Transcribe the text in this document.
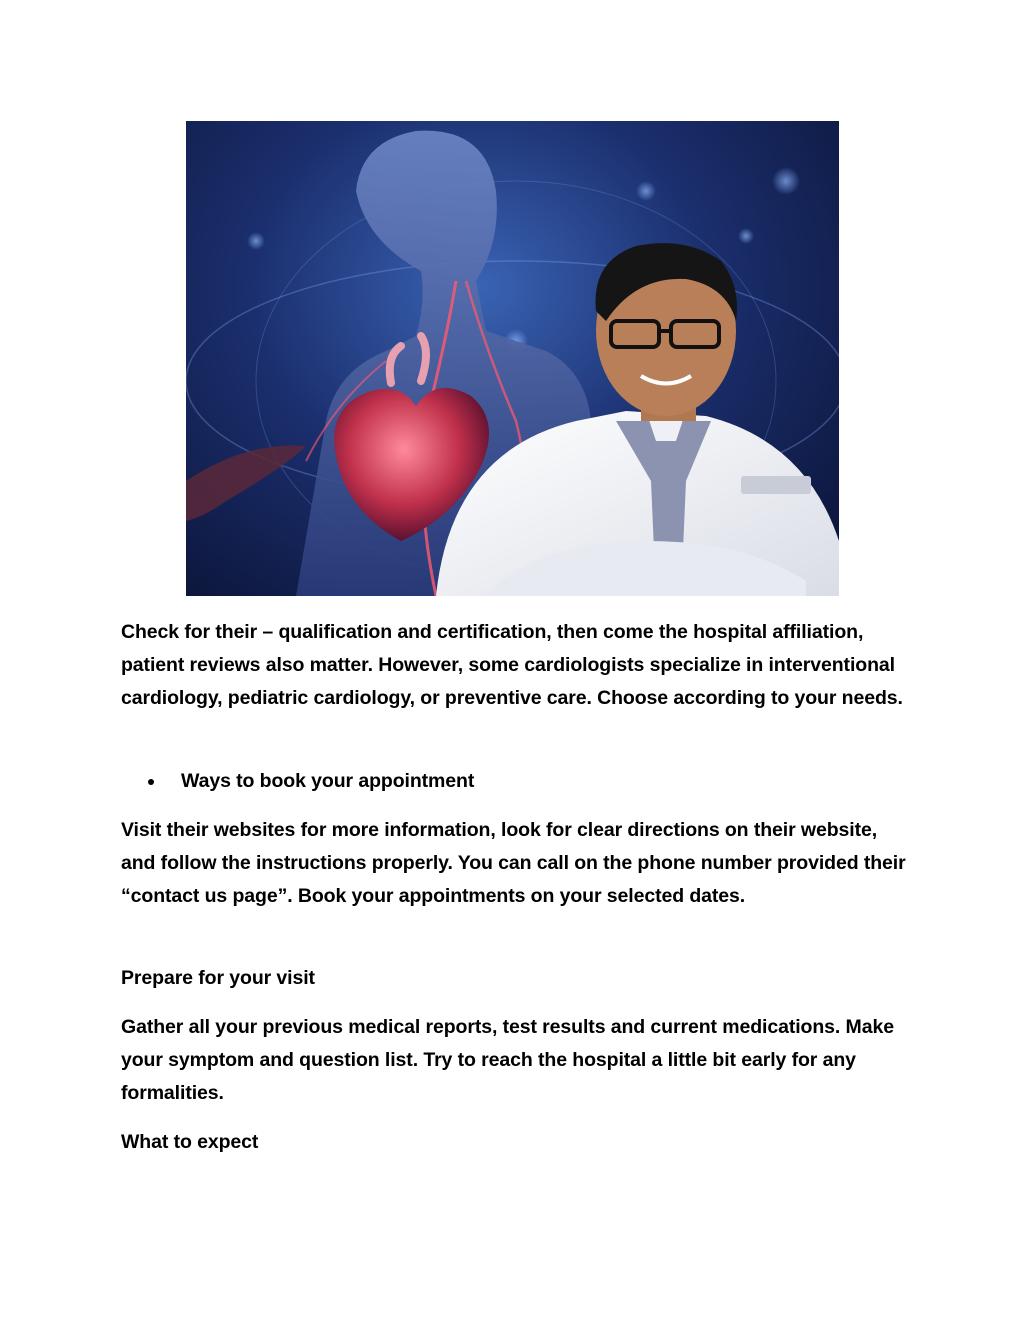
Check for their – qualification and certification, then come the hospital affiliation, patient reviews also matter. However, some cardiologists specialize in interventional cardiology, pediatric cardiology, or preventive care. Choose according to your needs.

Ways to book your appointment

Visit their websites for more information, look for clear directions on their website, and follow the instructions properly. You can call on the phone number provided their “contact us page”. Book your appointments on your selected dates.

Prepare for your visit

Gather all your previous medical reports, test results and current medications. Make your symptom and question list. Try to reach the hospital a little bit early for any formalities.

What to expect
